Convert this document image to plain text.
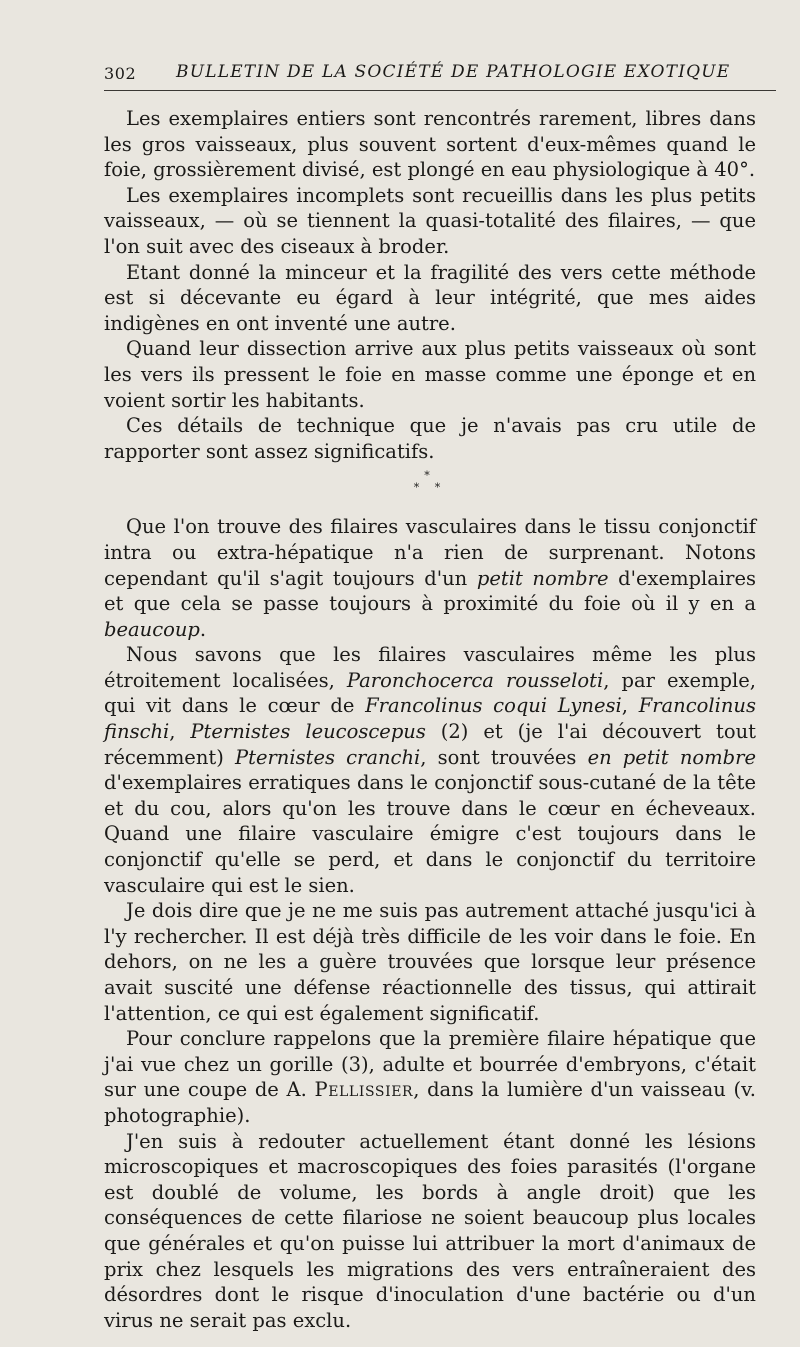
302 BULLETIN DE LA SOCIÉTÉ DE PATHOLOGIE EXOTIQUE

Les exemplaires entiers sont rencontrés rarement, libres dans les gros vaisseaux, plus souvent sortent d'eux-mêmes quand le foie, grossièrement divisé, est plongé en eau physiologique à 40°.

Les exemplaires incomplets sont recueillis dans les plus petits vaisseaux, — où se tiennent la quasi-totalité des filaires, — que l'on suit avec des ciseaux à broder.

Etant donné la minceur et la fragilité des vers cette méthode est si décevante eu égard à leur intégrité, que mes aides indigènes en ont inventé une autre.

Quand leur dissection arrive aux plus petits vaisseaux où sont les vers ils pressent le foie en masse comme une éponge et en voient sortir les habitants.

Ces détails de technique que je n'avais pas cru utile de rapporter sont assez significatifs.

*
* *

Que l'on trouve des filaires vasculaires dans le tissu conjonctif intra ou extra-hépatique n'a rien de surprenant. Notons cependant qu'il s'agit toujours d'un petit nombre d'exemplaires et que cela se passe toujours à proximité du foie où il y en a beaucoup.

Nous savons que les filaires vasculaires même les plus étroitement localisées, Paronchocerca rousseloti, par exemple, qui vit dans le cœur de Francolinus coqui Lynesi, Francolinus finschi, Pternistes leucoscepus (2) et (je l'ai découvert tout récemment) Pternistes cranchi, sont trouvées en petit nombre d'exemplaires erratiques dans le conjonctif sous-cutané de la tête et du cou, alors qu'on les trouve dans le cœur en écheveaux. Quand une filaire vasculaire émigre c'est toujours dans le conjonctif qu'elle se perd, et dans le conjonctif du territoire vasculaire qui est le sien.

Je dois dire que je ne me suis pas autrement attaché jusqu'ici à l'y rechercher. Il est déjà très difficile de les voir dans le foie. En dehors, on ne les a guère trouvées que lorsque leur présence avait suscité une défense réactionnelle des tissus, qui attirait l'attention, ce qui est également significatif.

Pour conclure rappelons que la première filaire hépatique que j'ai vue chez un gorille (3), adulte et bourrée d'embryons, c'était sur une coupe de A. Pellissier, dans la lumière d'un vaisseau (v. photographie).

J'en suis à redouter actuellement étant donné les lésions microscopiques et macroscopiques des foies parasités (l'organe est doublé de volume, les bords à angle droit) que les conséquences de cette filariose ne soient beaucoup plus locales que générales et qu'on puisse lui attribuer la mort d'animaux de prix chez lesquels les migrations des vers entraîneraient des désordres dont le risque d'inoculation d'une bactérie ou d'un virus ne serait pas exclu.
